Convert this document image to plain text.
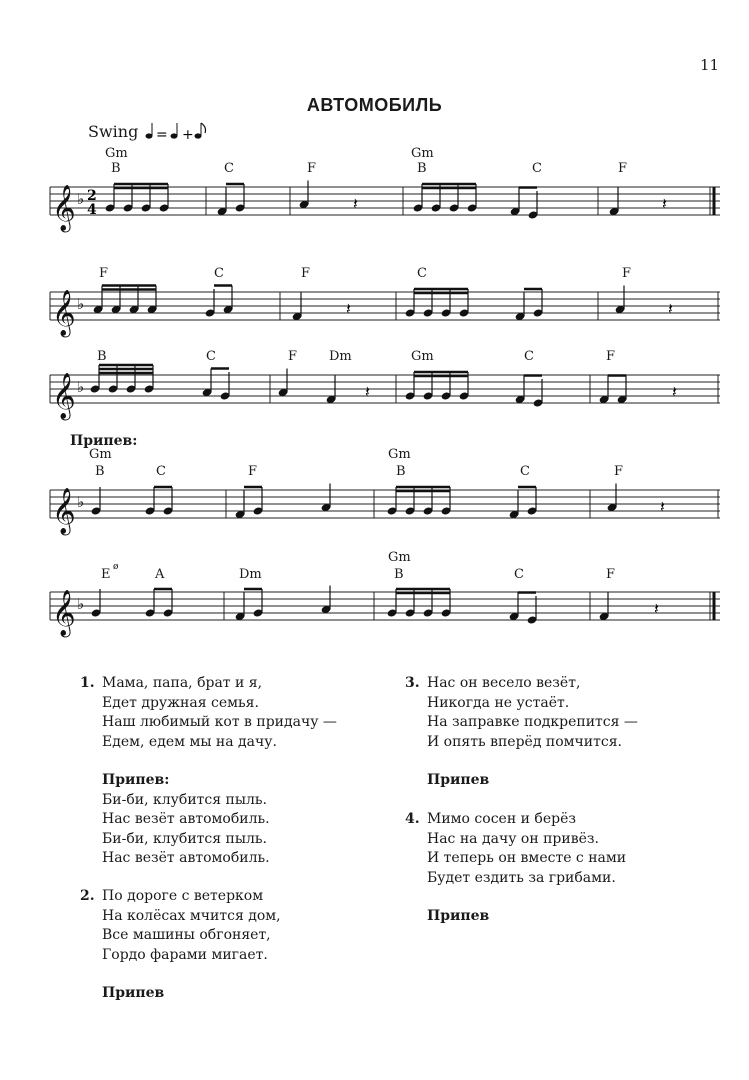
11
АВТОМОБИЛЬ
Swing
𝄞 ♭ 2
4
𝄞 ♭
𝄞 ♭
𝄞 ♭
𝄞 ♭
𝄽	𝄽
𝄽	𝄽
𝄽	𝄽
𝄽
𝄽
= +
Gm
B	C	F
Gm
B	C	F
F	C	F	C	F
B	C	F Dm	Gm	C	F
Gm
B	C	F
Gm
B	C	F
E	A	Dm
Gm
B	C	F
ø
Припев:
1. Мама, папа, брат и я,
Едет дружная семья.
Наш любимый кот в придачу —
Едем, едем мы на дачу.
Припев:
Би-би, клубится пыль.
Нас везёт автомобиль.
Би-би, клубится пыль.
Нас везёт автомобиль.
2. По дороге с ветерком
На колёсах мчится дом,
Все машины обгоняет,
Гордо фарами мигает.
Припев
3. Нас он весело везёт,
Никогда не устаёт.
На заправке подкрепится —
И опять вперёд помчится.
Припев
4. Мимо сосен и берёз
Нас на дачу он привёз.
И теперь он вместе с нами
Будет ездить за грибами.
Припев
